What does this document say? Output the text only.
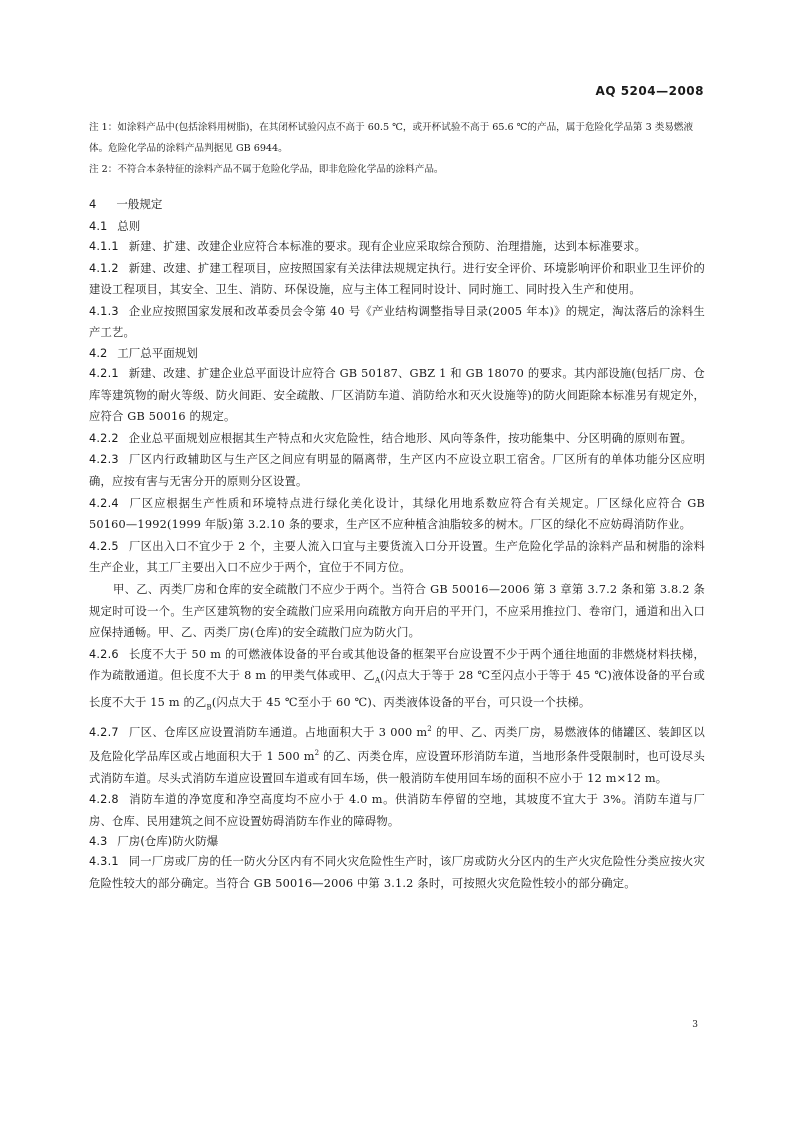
AQ 5204—2008
注 1：如涂料产品中(包括涂料用树脂)，在其闭杯试验闪点不高于 60.5 ℃，或开杯试验不高于 65.6 ℃的产品，属于危险化学品第 3 类易燃液体。危险化学品的涂料产品判据见 GB 6944。
注 2：不符合本条特征的涂料产品不属于危险化学品，即非危险化学品的涂料产品。
4 一般规定
4.1 总则
4.1.1 新建、扩建、改建企业应符合本标准的要求。现有企业应采取综合预防、治理措施，达到本标准要求。
4.1.2 新建、改建、扩建工程项目，应按照国家有关法律法规规定执行。进行安全评价、环境影响评价和职业卫生评价的建设工程项目，其安全、卫生、消防、环保设施，应与主体工程同时设计、同时施工、同时投入生产和使用。
4.1.3 企业应按照国家发展和改革委员会令第 40 号《产业结构调整指导目录(2005 年本)》的规定，淘汰落后的涂料生产工艺。
4.2 工厂总平面规划
4.2.1 新建、改建、扩建企业总平面设计应符合 GB 50187、GBZ 1 和 GB 18070 的要求。其内部设施(包括厂房、仓库等建筑物的耐火等级、防火间距、安全疏散、厂区消防车道、消防给水和灭火设施等)的防火间距除本标准另有规定外，应符合 GB 50016 的规定。
4.2.2 企业总平面规划应根据其生产特点和火灾危险性，结合地形、风向等条件，按功能集中、分区明确的原则布置。
4.2.3 厂区内行政辅助区与生产区之间应有明显的隔离带，生产区内不应设立职工宿舍。厂区所有的单体功能分区应明确，应按有害与无害分开的原则分区设置。
4.2.4 厂区应根据生产性质和环境特点进行绿化美化设计，其绿化用地系数应符合有关规定。厂区绿化应符合 GB 50160—1992(1999 年版)第 3.2.10 条的要求，生产区不应种植含油脂较多的树木。厂区的绿化不应妨碍消防作业。
4.2.5 厂区出入口不宜少于 2 个，主要人流入口宜与主要货流入口分开设置。生产危险化学品的涂料产品和树脂的涂料生产企业，其工厂主要出入口不应少于两个，宜位于不同方位。
甲、乙、丙类厂房和仓库的安全疏散门不应少于两个。当符合 GB 50016—2006 第 3 章第 3.7.2 条和第 3.8.2 条规定时可设一个。生产区建筑物的安全疏散门应采用向疏散方向开启的平开门，不应采用推拉门、卷帘门，通道和出入口应保持通畅。甲、乙、丙类厂房(仓库)的安全疏散门应为防火门。
4.2.6 长度不大于 50 m 的可燃液体设备的平台或其他设备的框架平台应设置不少于两个通往地面的非燃烧材料扶梯，作为疏散通道。但长度不大于 8 m 的甲类气体或甲、乙$_A$(闪点大于等于 28 ℃至闪点小于等于 45 ℃)液体设备的平台或长度不大于 15 m 的乙$_B$(闪点大于 45 ℃至小于 60 ℃)、丙类液体设备的平台，可只设一个扶梯。
4.2.7 厂区、仓库区应设置消防车通道。占地面积大于 3 000 $m^2$ 的甲、乙、丙类厂房，易燃液体的储罐区、装卸区以及危险化学品库区或占地面积大于 1 500 $m^2$ 的乙、丙类仓库，应设置环形消防车道，当地形条件受限制时，也可设尽头式消防车道。尽头式消防车道应设置回车道或有回车场，供一般消防车使用回车场的面积不应小于 12 m×12 m。
4.2.8 消防车道的净宽度和净空高度均不应小于 4.0 m。供消防车停留的空地，其坡度不宜大于 3%。消防车道与厂房、仓库、民用建筑之间不应设置妨碍消防车作业的障碍物。
4.3 厂房(仓库)防火防爆
4.3.1 同一厂房或厂房的任一防火分区内有不同火灾危险性生产时，该厂房或防火分区内的生产火灾危险性分类应按火灾危险性较大的部分确定。当符合 GB 50016—2006 中第 3.1.2 条时，可按照火灾危险性较小的部分确定。
3
